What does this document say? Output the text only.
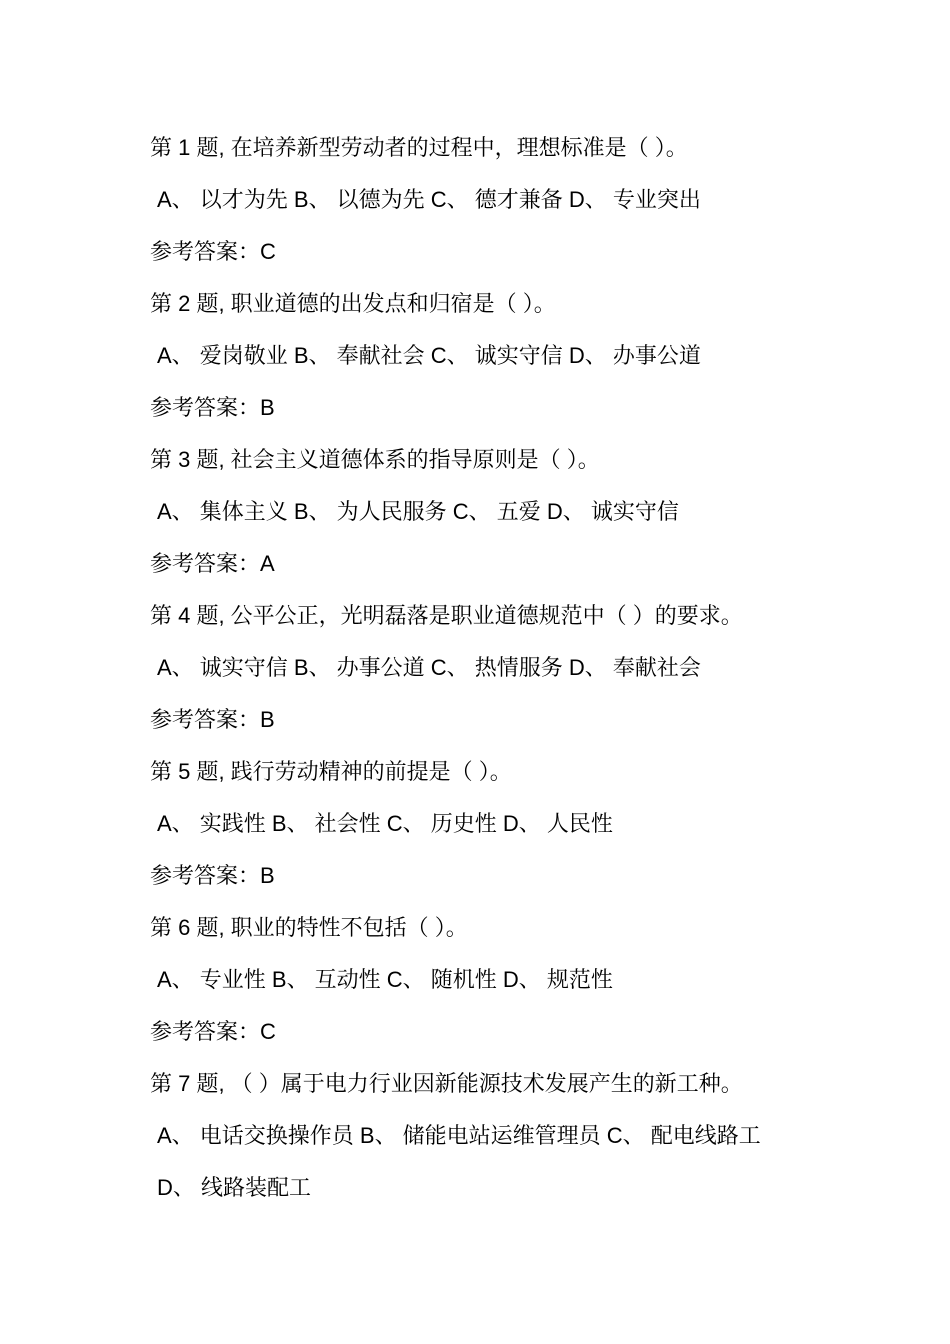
第 1 题, 在培养新型劳动者的过程中，理想标准是（ ）。
A、 以才为先 B、 以德为先 C、 德才兼备 D、 专业突出
参考答案：C
第 2 题, 职业道德的出发点和归宿是（ ）。
A、 爱岗敬业 B、 奉献社会 C、 诚实守信 D、 办事公道
参考答案：B
第 3 题, 社会主义道德体系的指导原则是（ ）。
A、 集体主义 B、 为人民服务 C、 五爱 D、 诚实守信
参考答案：A
第 4 题, 公平公正，光明磊落是职业道德规范中（ ）的要求。
A、 诚实守信 B、 办事公道 C、 热情服务 D、 奉献社会
参考答案：B
第 5 题, 践行劳动精神的前提是（ ）。
A、 实践性 B、 社会性 C、 历史性 D、 人民性
参考答案：B
第 6 题, 职业的特性不包括（ ）。
A、 专业性 B、 互动性 C、 随机性 D、 规范性
参考答案：C
第 7 题, （ ）属于电力行业因新能源技术发展产生的新工种。
A、 电话交换操作员 B、 储能电站运维管理员 C、 配电线路工
D、 线路装配工
